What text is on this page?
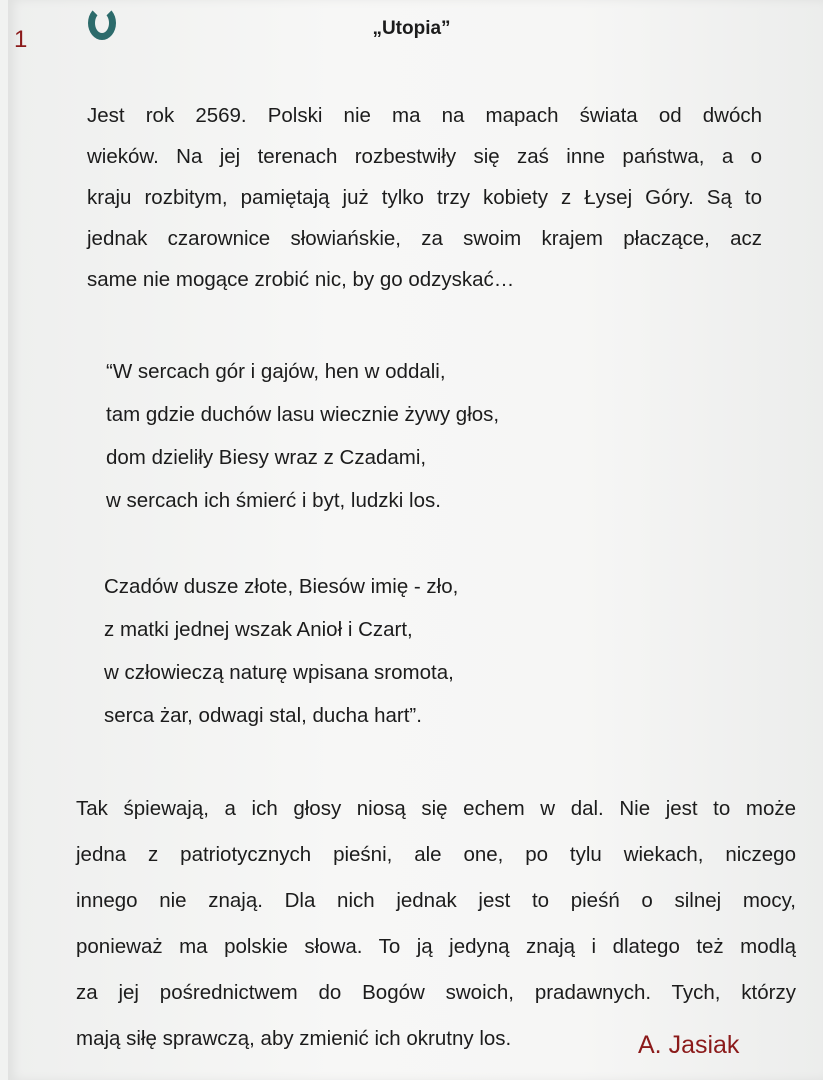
1	„Utopia”
Jest rok 2569. Polski nie ma na mapach świata od dwóch
wieków. Na jej terenach rozbestwiły się zaś inne państwa, a o
kraju rozbitym, pamiętają już tylko trzy kobiety z Łysej Góry. Są to
jednak czarownice słowiańskie, za swoim krajem płaczące, acz
same nie mogące zrobić nic, by go odzyskać…
“W sercach gór i gajów, hen w oddali,
tam gdzie duchów lasu wiecznie żywy głos,
dom dzieliły Biesy wraz z Czadami,
w sercach ich śmierć i byt, ludzki los.
Czadów dusze złote, Biesów imię - zło,
z matki jednej wszak Anioł i Czart,
w człowieczą naturę wpisana sromota,
serca żar, odwagi stal, ducha hart”.
Tak śpiewają, a ich głosy niosą się echem w dal. Nie jest to może
jedna z patriotycznych pieśni, ale one, po tylu wiekach, niczego
innego nie znają. Dla nich jednak jest to pieśń o silnej mocy,
ponieważ ma polskie słowa. To ją jedyną znają i dlatego też modlą
za jej pośrednictwem do Bogów swoich, pradawnych. Tych, którzy
mają siłę sprawczą, aby zmienić ich okrutny los.	A. Jasiak
